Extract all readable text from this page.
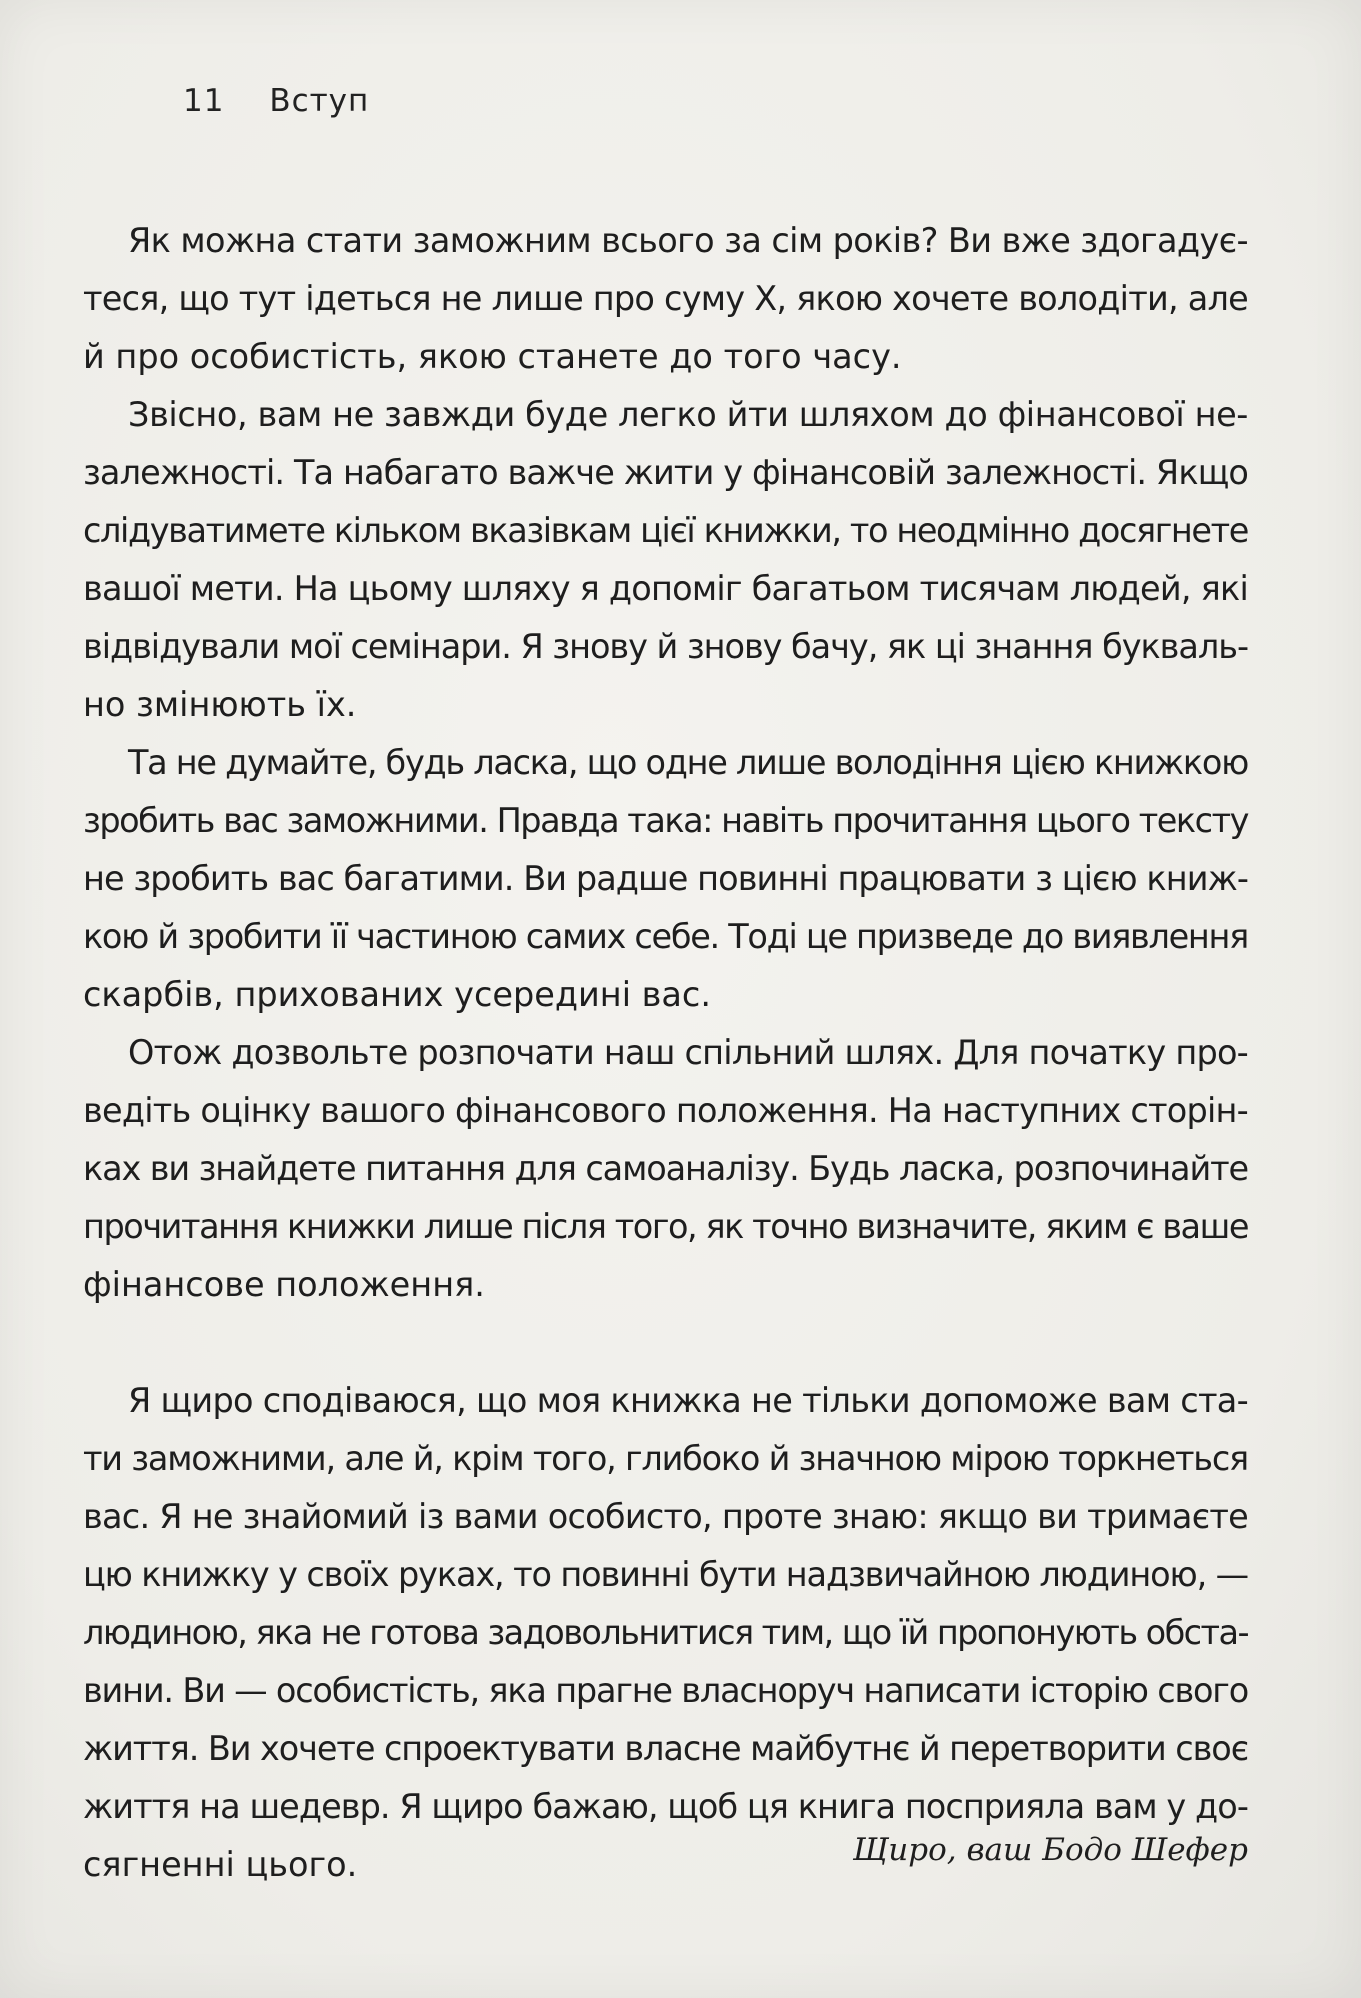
11 Вступ
Як можна стати заможним всього за сім років? Ви вже здогадує-
теся, що тут ідеться не лише про суму Х, якою хочете володіти, але
й про особистість, якою станете до того часу.
Звісно, вам не завжди буде легко йти шляхом до фінансової не-
залежності. Та набагато важче жити у фінансовій залежності. Якщо
слідуватимете кільком вказівкам цієї книжки, то неодмінно досягнете
вашої мети. На цьому шляху я допоміг багатьом тисячам людей, які
відвідували мої семінари. Я знову й знову бачу, як ці знання букваль-
но змінюють їх.
Та не думайте, будь ласка, що одне лише володіння цією книжкою
зробить вас заможними. Правда така: навіть прочитання цього тексту
не зробить вас багатими. Ви радше повинні працювати з цією книж-
кою й зробити її частиною самих себе. Тоді це призведе до виявлення
скарбів, прихованих усередині вас.
Отож дозвольте розпочати наш спільний шлях. Для початку про-
ведіть оцінку вашого фінансового положення. На наступних сторін-
ках ви знайдете питання для самоаналізу. Будь ласка, розпочинайте
прочитання книжки лише після того, як точно визначите, яким є ваше
фінансове положення.
Я щиро сподіваюся, що моя книжка не тільки допоможе вам ста-
ти заможними, але й, крім того, глибоко й значною мірою торкнеться
вас. Я не знайомий із вами особисто, проте знаю: якщо ви тримаєте
цю книжку у своїх руках, то повинні бути надзвичайною людиною, —
людиною, яка не готова задовольнитися тим, що їй пропонують обста-
вини. Ви — особистість, яка прагне власноруч написати історію свого
життя. Ви хочете спроектувати власне майбутнє й перетворити своє
життя на шедевр. Я щиро бажаю, щоб ця книга посприяла вам у до-
сягненні цього.	Щиро, ваш Бодо Шефер
